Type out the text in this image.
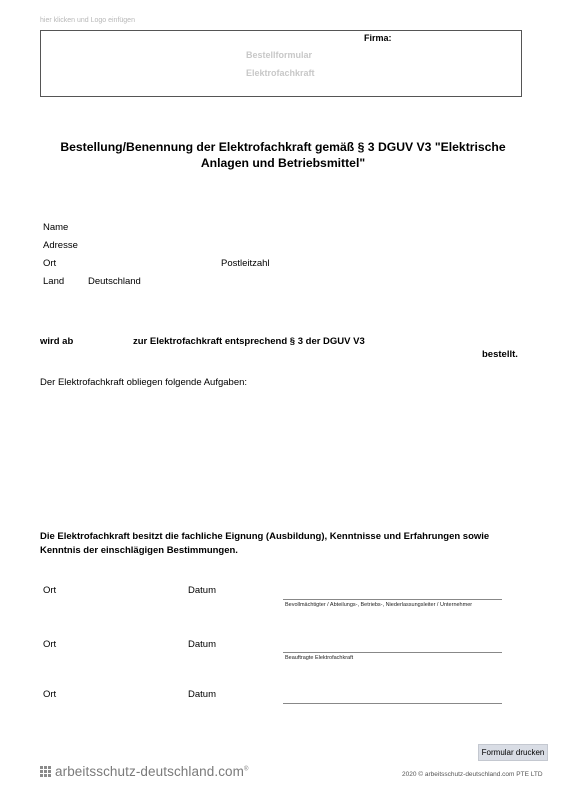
hier klicken und Logo einfügen
Firma:
Bestellformular
Elektrofachkraft
Bestellung/Benennung der Elektrofachkraft gemäß § 3 DGUV V3 "Elektrische Anlagen und Betriebsmittel"
Name
Adresse
Ort	Postleitzahl
Land	Deutschland
wird ab	zur Elektrofachkraft entsprechend § 3 der DGUV V3
bestellt.
Der Elektrofachkraft obliegen folgende Aufgaben:
Die Elektrofachkraft besitzt die fachliche Eignung (Ausbildung), Kenntnisse und Erfahrungen sowie Kenntnis der einschlägigen Bestimmungen.
Ort	Datum
Bevollmächtigter / Abteilungs-, Betriebs-, Niederlassungsleiter / Unternehmer
Ort	Datum
Beauftragte Elektrofachkraft
Ort	Datum
Formular drucken
arbeitsschutz-deutschland.com®
2020 © arbeitsschutz-deutschland.com PTE LTD
